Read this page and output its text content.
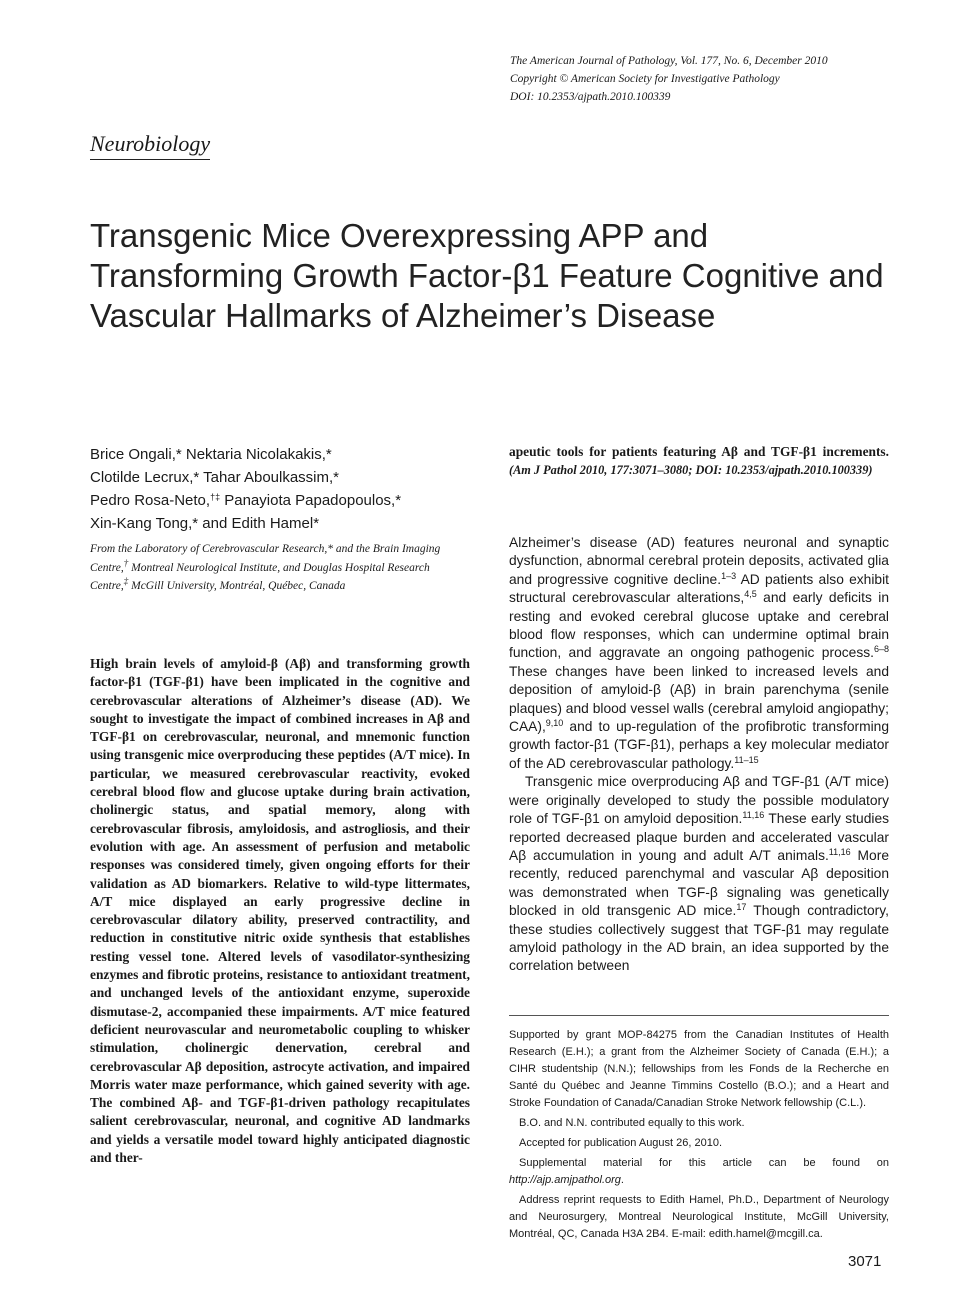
The American Journal of Pathology, Vol. 177, No. 6, December 2010
Copyright © American Society for Investigative Pathology
DOI: 10.2353/ajpath.2010.100339
Neurobiology
Transgenic Mice Overexpressing APP and Transforming Growth Factor-β1 Feature Cognitive and Vascular Hallmarks of Alzheimer’s Disease
Brice Ongali,* Nektaria Nicolakakis,*
Clotilde Lecrux,* Tahar Aboulkassim,*
Pedro Rosa-Neto,†‡ Panayiota Papadopoulos,*
Xin-Kang Tong,* and Edith Hamel*
From the Laboratory of Cerebrovascular Research,* and the Brain Imaging Centre,† Montreal Neurological Institute, and Douglas Hospital Research Centre,‡ McGill University, Montréal, Québec, Canada
High brain levels of amyloid-β (Aβ) and transforming growth factor-β1 (TGF-β1) have been implicated in the cognitive and cerebrovascular alterations of Alzheimer’s disease (AD). We sought to investigate the impact of combined increases in Aβ and TGF-β1 on cerebrovascular, neuronal, and mnemonic function using transgenic mice overproducing these peptides (A/T mice). In particular, we measured cerebrovascular reactivity, evoked cerebral blood flow and glucose uptake during brain activation, cholinergic status, and spatial memory, along with cerebrovascular fibrosis, amyloidosis, and astrogliosis, and their evolution with age. An assessment of perfusion and metabolic responses was considered timely, given ongoing efforts for their validation as AD biomarkers. Relative to wild-type littermates, A/T mice displayed an early progressive decline in cerebrovascular dilatory ability, preserved contractility, and reduction in constitutive nitric oxide synthesis that establishes resting vessel tone. Altered levels of vasodilator-synthesizing enzymes and fibrotic proteins, resistance to antioxidant treatment, and unchanged levels of the antioxidant enzyme, superoxide dismutase-2, accompanied these impairments. A/T mice featured deficient neurovascular and neurometabolic coupling to whisker stimulation, cholinergic denervation, cerebral and cerebrovascular Aβ deposition, astrocyte activation, and impaired Morris water maze performance, which gained severity with age. The combined Aβ- and TGF-β1-driven pathology recapitulates salient cerebrovascular, neuronal, and cognitive AD landmarks and yields a versatile model toward highly anticipated diagnostic and ther-
apeutic tools for patients featuring Aβ and TGF-β1 increments. (Am J Pathol 2010, 177:3071–3080; DOI: 10.2353/ajpath.2010.100339)

Alzheimer’s disease (AD) features neuronal and synaptic dysfunction, abnormal cerebral protein deposits, activated glia and progressive cognitive decline.$^{1-3}$ AD patients also exhibit structural cerebrovascular alterations,$^{4,5}$ and early deficits in resting and evoked cerebral glucose uptake and cerebral blood flow responses, which can undermine optimal brain function, and aggravate an ongoing pathogenic process.$^{6-8}$ These changes have been linked to increased levels and deposition of amyloid-β (Aβ) in brain parenchyma (senile plaques) and blood vessel walls (cerebral amyloid angiopathy; CAA),$^{9,10}$ and to up-regulation of the profibrotic transforming growth factor-β1 (TGF-β1), perhaps a key molecular mediator of the AD cerebrovascular pathology.$^{11-15}$

Transgenic mice overproducing Aβ and TGF-β1 (A/T mice) were originally developed to study the possible modulatory role of TGF-β1 on amyloid deposition.$^{11,16}$ These early studies reported decreased plaque burden and accelerated vascular Aβ accumulation in young and adult A/T animals.$^{11,16}$ More recently, reduced parenchymal and vascular Aβ deposition was demonstrated when TGF-β signaling was genetically blocked in old transgenic AD mice.$^{17}$ Though contradictory, these studies collectively suggest that TGF-β1 may regulate amyloid pathology in the AD brain, an idea supported by the correlation between

Supported by grant MOP-84275 from the Canadian Institutes of Health Research (E.H.); a grant from the Alzheimer Society of Canada (E.H.); a CIHR studentship (N.N.); fellowships from les Fonds de la Recherche en Santé du Québec and Jeanne Timmins Costello (B.O.); and a Heart and Stroke Foundation of Canada/Canadian Stroke Network fellowship (C.L.).

B.O. and N.N. contributed equally to this work.

Accepted for publication August 26, 2010.

Supplemental material for this article can be found on http://ajp.amjpathol.org.

Address reprint requests to Edith Hamel, Ph.D., Department of Neurology and Neurosurgery, Montreal Neurological Institute, McGill University, Montréal, QC, Canada H3A 2B4. E-mail: edith.hamel@mcgill.ca.

3071
